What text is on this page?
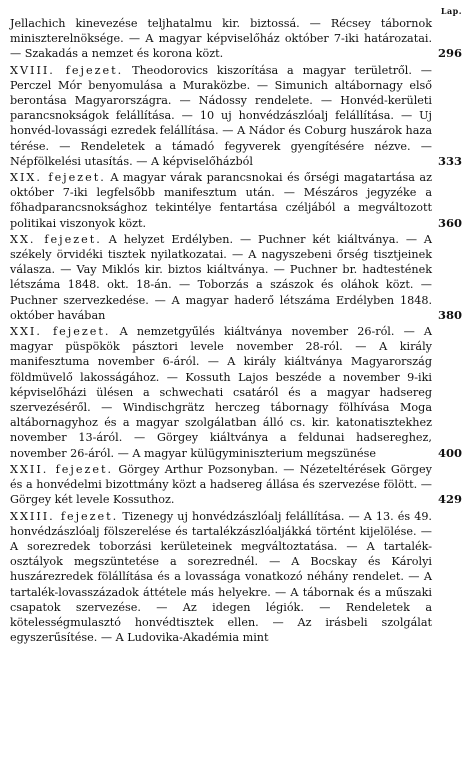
Lap.
Jellachich kinevezése teljhatalmu kir. biztossá. — Récsey tábornok miniszterelnöksége. — A magyar képviselőház október 7-iki határozatai. — Szakadás a nemzet és korona közt.	296
XVIII. fejezet. Theodorovics kiszorítása a magyar területről. — Perczel Mór benyomulása a Muraközbe. — Simunich altábornagy első berontása Magyarországra. — Nádossy rendelete. — Honvéd-kerületi parancsnokságok felállítása. — 10 uj honvédzászlóalj felállítása. — Uj honvéd-lovassági ezredek felállítása. — A Nádor és Coburg huszárok haza térése. — Rendeletek a támadó fegyverek gyengítésére nézve. — Népfölkelési utasítás. — A képviselőházból	333
XIX. fejezet. A magyar várak parancsnokai és őrségi magatartása az október 7-iki legfelsőbb manifesztum után. — Mészáros jegyzéke a főhadparancsnoksághoz tekintélye fentartása czéljából a megváltozott politikai viszonyok közt.	360
XX. fejezet. A helyzet Erdélyben. — Puchner két kiáltványa. — A székely örvidéki tisztek nyilatkozatai. — A nagyszebeni őrség tisztjeinek válasza. — Vay Miklós kir. biztos kiáltványa. — Puchner br. hadtestének létszáma 1848. okt. 18-án. — Toborzás a szászok és oláhok közt. — Puchner szervezkedése. — A magyar haderő létszáma Erdélyben 1848. október havában	380
XXI. fejezet. A nemzetgyűlés kiáltványa november 26-ról. — A magyar püspökök pásztori levele november 28-ról. — A király manifesztuma november 6-áról. — A király kiáltványa Magyarország földmüvelő lakosságához. — Kossuth Lajos beszéde a november 9-iki képviselőházi ülésen a schwechati csatáról és a magyar hadsereg szervezéséről. — Windischgrätz herczeg tábornagy fölhívása Moga altábornagyhoz és a magyar szolgálatban álló cs. kir. katonatisztekhez november 13-áról. — Görgey kiáltványa a feldunai hadsereghez, november 26-áról. — A magyar külügyminiszterium megszünése	400
XXII. fejezet. Görgey Arthur Pozsonyban. — Nézeteltérések Görgey és a honvédelmi bizottmány közt a hadsereg állása és szervezése fölött. — Görgey két levele Kossuthoz.	429
XXIII. fejezet. Tizenegy uj honvédzászlóalj felállítása. — A 13. és 49. honvédzászlóalj fölszerelése és tartalékzászlóaljákká történt kijelölése. — A sorezredek toborzási kerületeinek megváltoztatása. — A tartalék-osztályok megszüntetése a sorezrednél. — A Bocskay és Károlyi huszárezredek fölállítása és a lovassága vonatkozó néhány rendelet. — A tartalék-lovasszázadok áttétele más helyekre. — A tábornak és a műszaki csapatok szervezése. — Az idegen légiók. — Rendeletek a kötelességmulasztó honvédtisztek ellen. — Az irásbeli szolgálat egyszerűsítése. — A Ludovika-Akadémia mint
